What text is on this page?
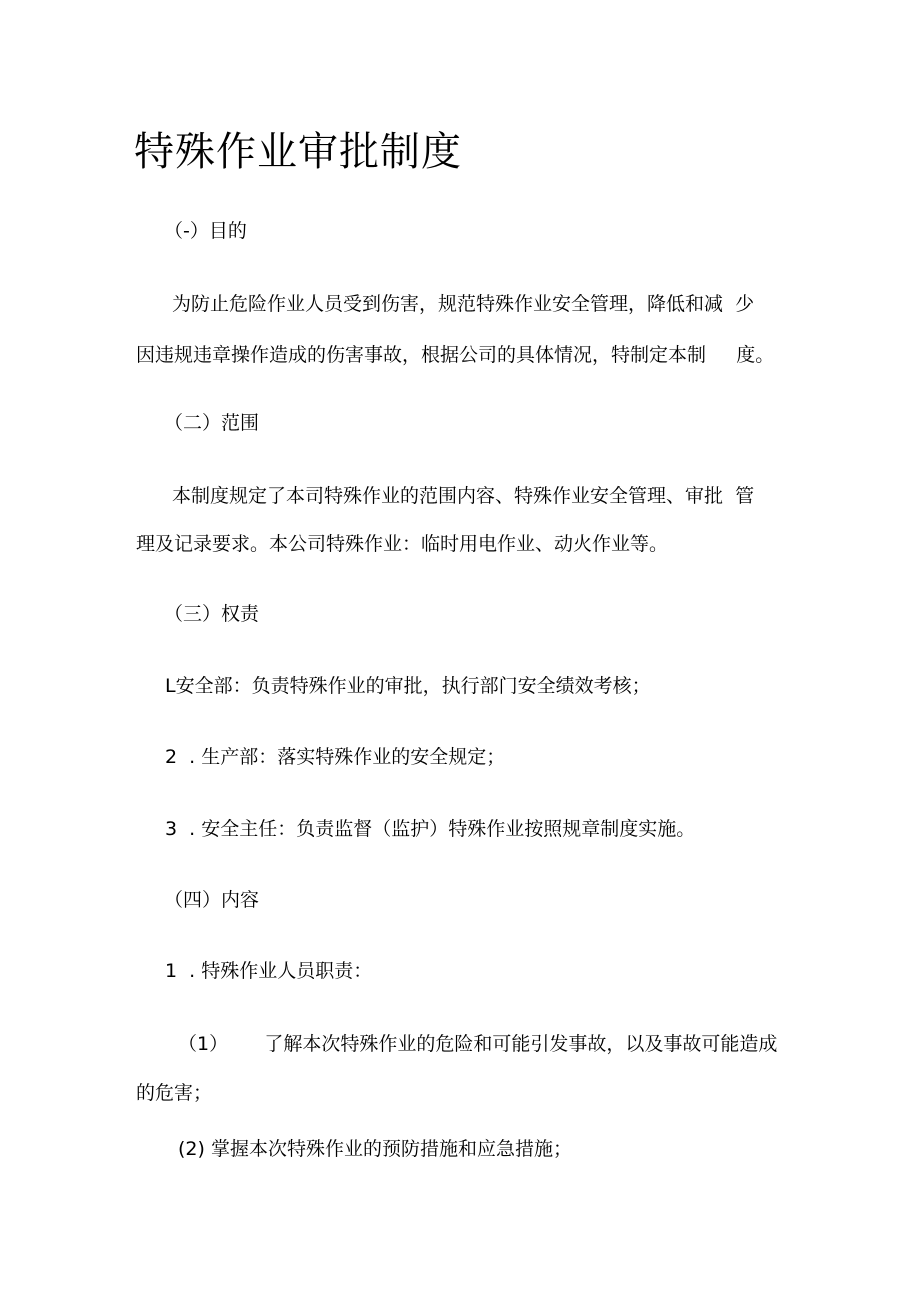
特殊作业审批制度

（-）目的

为防止危险作业人员受到伤害，规范特殊作业安全管理，降低和减  少

因违规违章操作造成的伤害事故，根据公司的具体情况，特制定本制     度。

（二）范围

本制度规定了本司特殊作业的范围内容、特殊作业安全管理、审批  管

理及记录要求。本公司特殊作业：临时用电作业、动火作业等。

（三）权责

L安全部：负责特殊作业的审批，执行部门安全绩效考核；

2  . 生产部：落实特殊作业的安全规定；

3  . 安全主任：负责监督（监护）特殊作业按照规章制度实施。

（四）内容

1  . 特殊作业人员职责：

（1）      了解本次特殊作业的危险和可能引发事故，以及事故可能造成

的危害；

(2) 掌握本次特殊作业的预防措施和应急措施；
